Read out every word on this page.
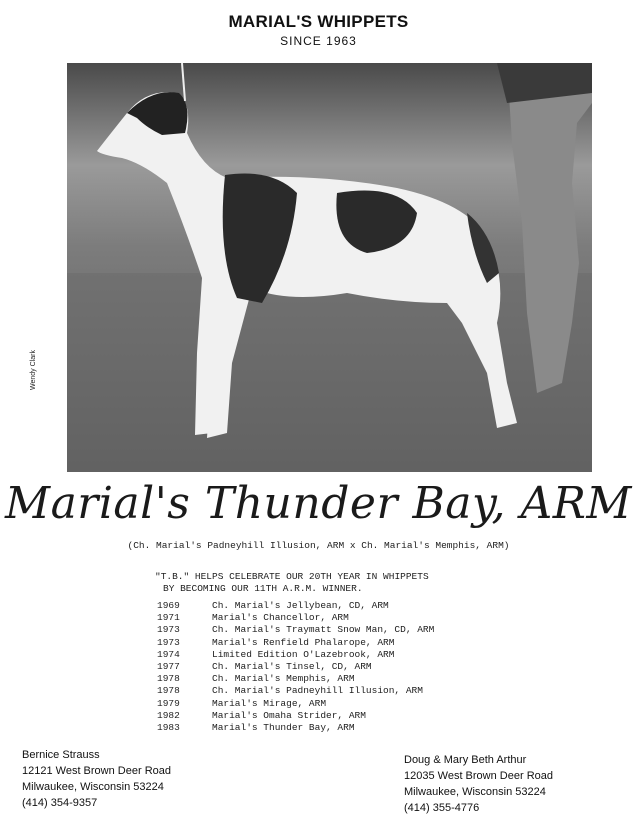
MARIAL'S WHIPPETS
SINCE 1963
Wendy Clark
Marial's Thunder Bay, ARM
(Ch. Marial's Padneyhill Illusion, ARM x Ch. Marial's Memphis, ARM)
"T.B." HELPS CELEBRATE OUR 20TH YEAR IN WHIPPETS
BY BECOMING OUR 11TH A.R.M. WINNER.
1969	Ch. Marial's Jellybean, CD, ARM
1971	Marial's Chancellor, ARM
1973	Ch. Marial's Traymatt Snow Man, CD, ARM
1973	Marial's Renfield Phalarope, ARM
1974	Limited Edition O'Lazebrook, ARM
1977	Ch. Marial's Tinsel, CD, ARM
1978	Ch. Marial's Memphis, ARM
1978	Ch. Marial's Padneyhill Illusion, ARM
1979	Marial's Mirage, ARM
1982	Marial's Omaha Strider, ARM
1983	Marial's Thunder Bay, ARM
Bernice Strauss
12121 West Brown Deer Road
Milwaukee, Wisconsin 53224
(414) 354-9357
Doug & Mary Beth Arthur
12035 West Brown Deer Road
Milwaukee, Wisconsin 53224
(414) 355-4776
